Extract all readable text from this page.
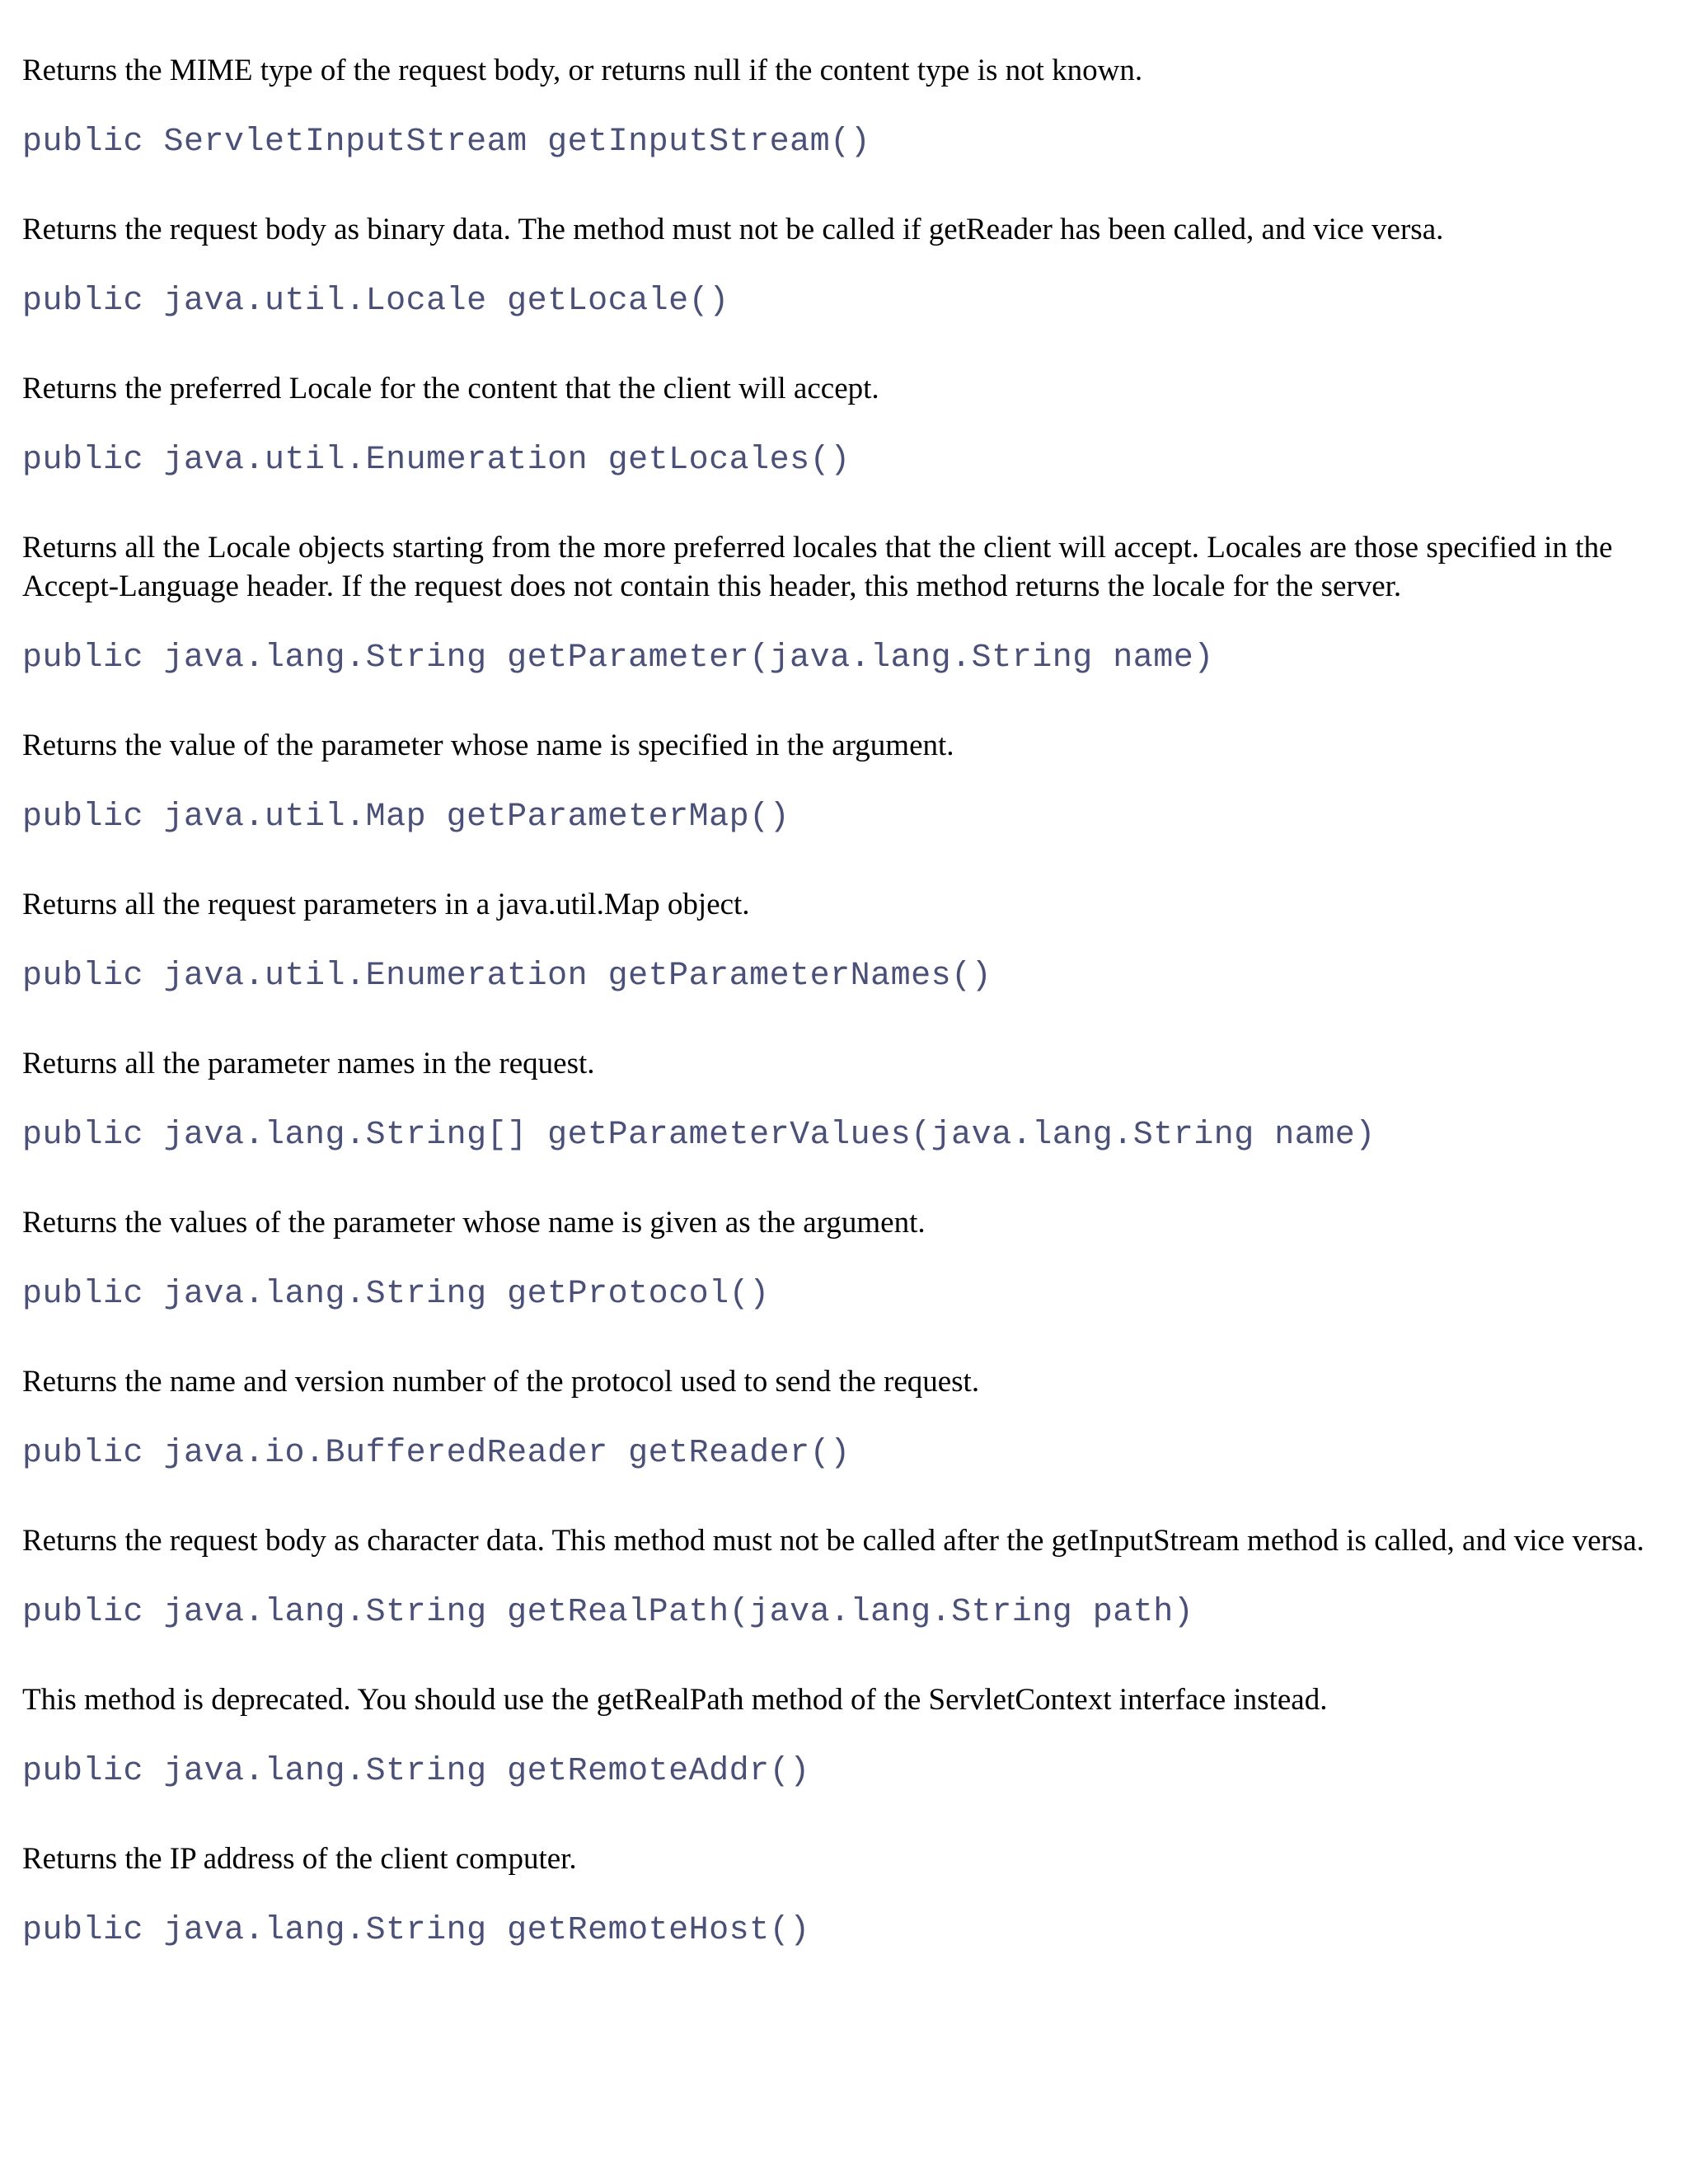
Returns the MIME type of the request body, or returns null if the content type is not known.

public ServletInputStream getInputStream()

Returns the request body as binary data. The method must not be called if getReader has been called, and vice versa.

public java.util.Locale getLocale()

Returns the preferred Locale for the content that the client will accept.

public java.util.Enumeration getLocales()

Returns all the Locale objects starting from the more preferred locales that the client will accept. Locales are those specified in the Accept-Language header. If the request does not contain this header, this method returns the locale for the server.

public java.lang.String getParameter(java.lang.String name)

Returns the value of the parameter whose name is specified in the argument.

public java.util.Map getParameterMap()

Returns all the request parameters in a java.util.Map object.

public java.util.Enumeration getParameterNames()

Returns all the parameter names in the request.

public java.lang.String[] getParameterValues(java.lang.String name)

Returns the values of the parameter whose name is given as the argument.

public java.lang.String getProtocol()

Returns the name and version number of the protocol used to send the request.

public java.io.BufferedReader getReader()

Returns the request body as character data. This method must not be called after the getInputStream method is called, and vice versa.

public java.lang.String getRealPath(java.lang.String path)

This method is deprecated. You should use the getRealPath method of the ServletContext interface instead.

public java.lang.String getRemoteAddr()

Returns the IP address of the client computer.

public java.lang.String getRemoteHost()
